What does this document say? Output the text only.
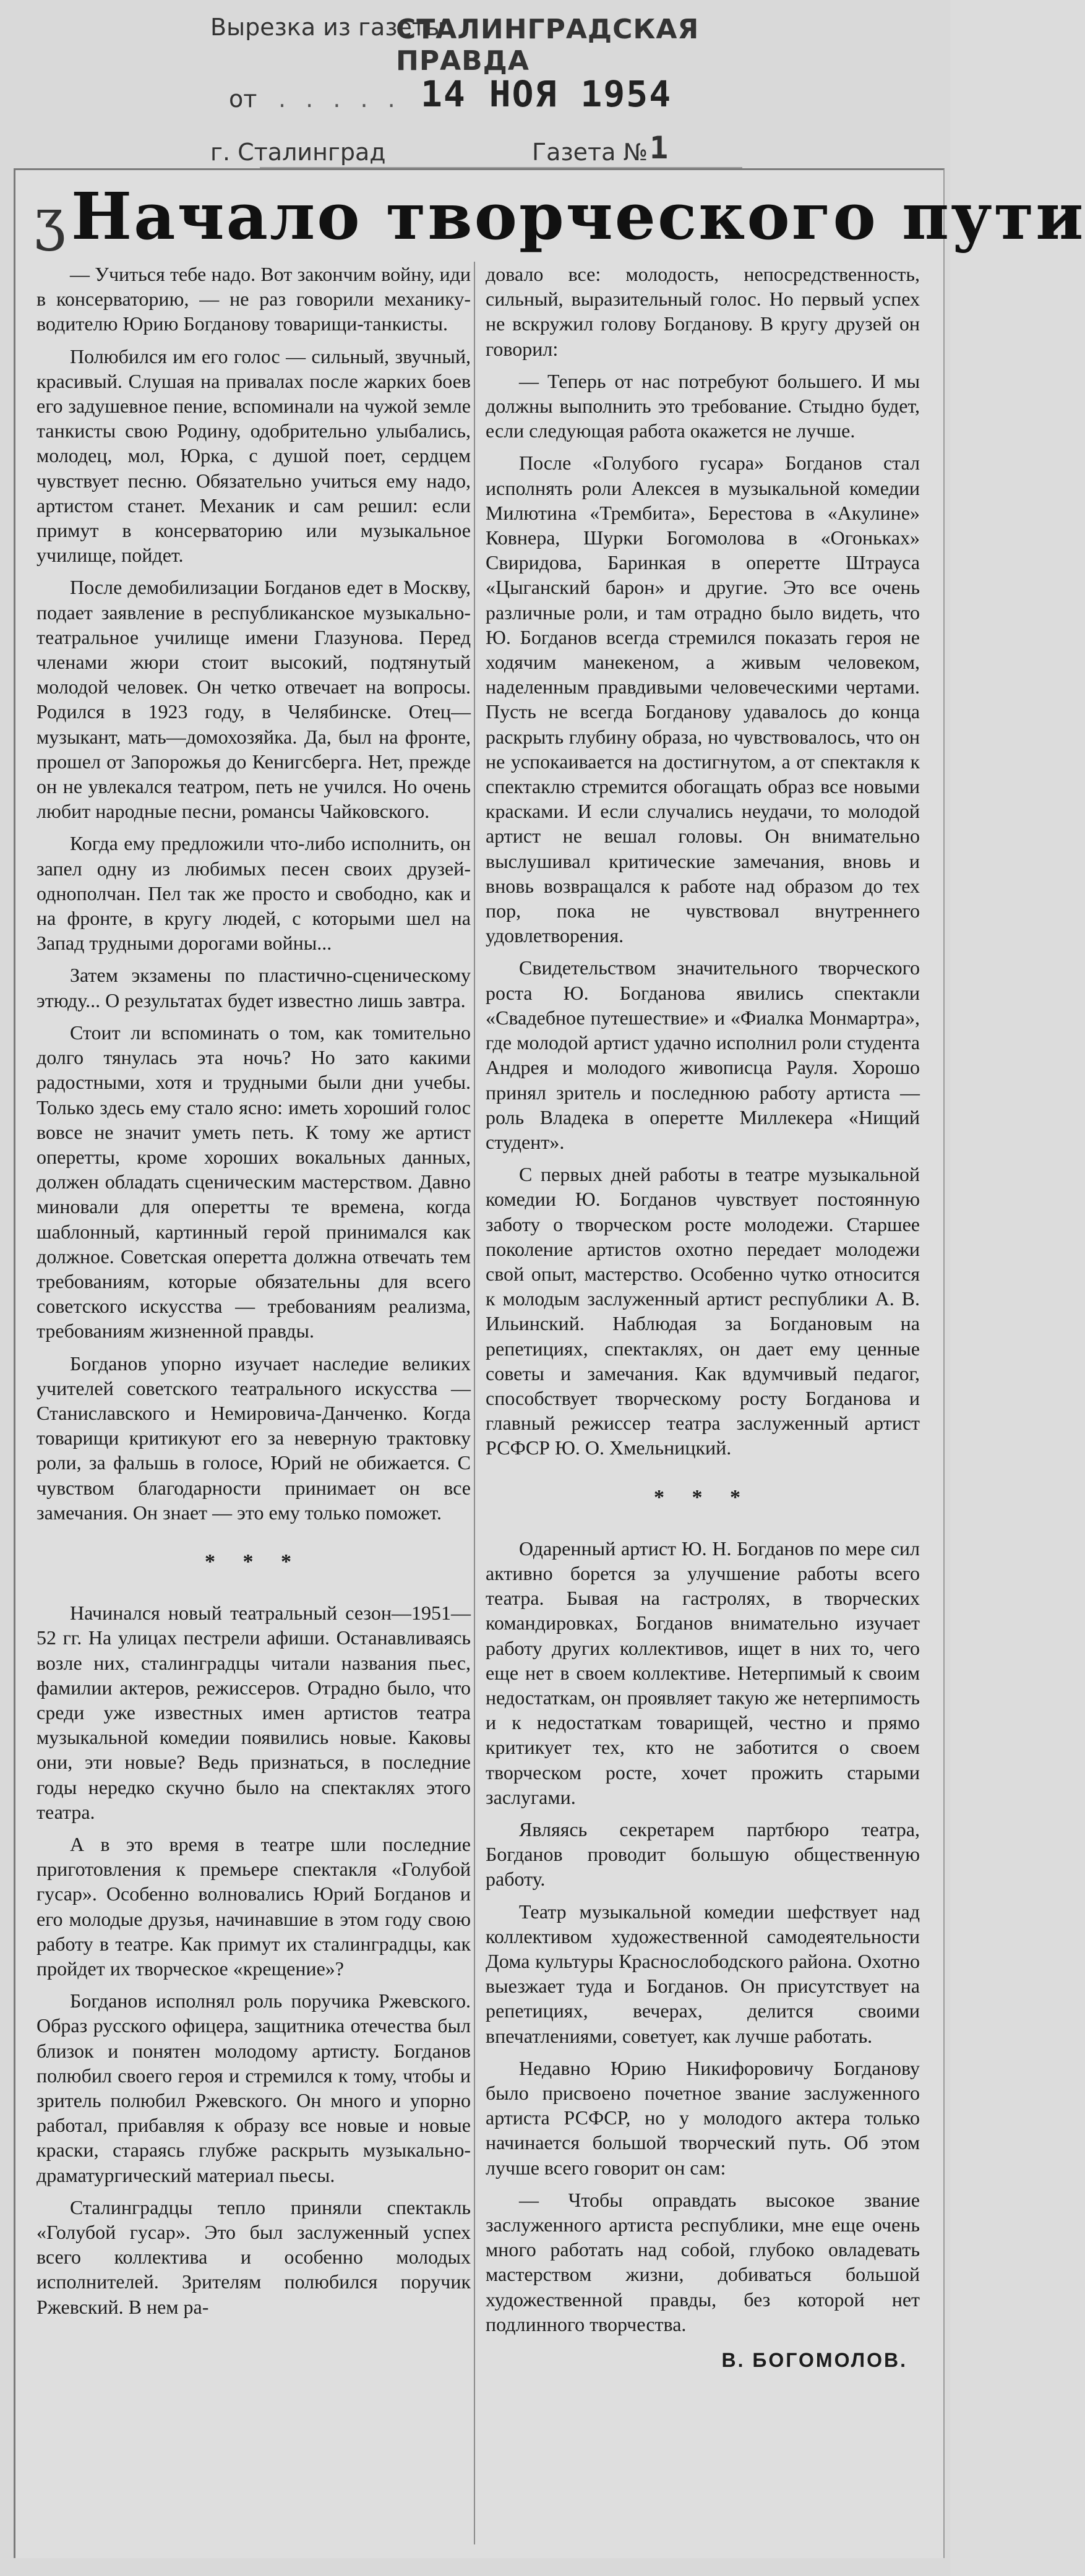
Вырезка из газеты
СТАЛИНГРАДСКАЯ ПРАВДА
от . . . . . 14 НОЯ 1954
г. Сталинград	Газета № 1
ʒНачало творческого пути

— Учиться тебе надо. Вот закончим войну, иди в консерваторию, — не раз говорили механику-водителю Юрию Богданову товарищи-танкисты.

Полюбился им его голос — сильный, звучный, красивый. Слушая на привалах после жарких боев его задушевное пение, вспоминали на чужой земле танкисты свою Родину, одобрительно улыбались, молодец, мол, Юрка, с душой поет, сердцем чувствует песню. Обязательно учиться ему надо, артистом станет. Механик и сам решил: если примут в консерваторию или музыкальное училище, пойдет.

После демобилизации Богданов едет в Москву, подает заявление в республиканское музыкально-театральное училище имени Глазунова. Перед членами жюри стоит высокий, подтянутый молодой человек. Он четко отвечает на вопросы. Родился в 1923 году, в Челябинске. Отец—музыкант, мать—домохозяйка. Да, был на фронте, прошел от Запорожья до Кенигсберга. Нет, прежде он не увлекался театром, петь не учился. Но очень любит народные песни, романсы Чайковского.

Когда ему предложили что-либо исполнить, он запел одну из любимых песен своих друзей-однополчан. Пел так же просто и свободно, как и на фронте, в кругу людей, с которыми шел на Запад трудными дорогами войны...

Затем экзамены по пластично-сценическому этюду... О результатах будет известно лишь завтра.

Стоит ли вспоминать о том, как томительно долго тянулась эта ночь? Но зато какими радостными, хотя и трудными были дни учебы. Только здесь ему стало ясно: иметь хороший голос вовсе не значит уметь петь. К тому же артист оперетты, кроме хороших вокальных данных, должен обладать сценическим мастерством. Давно миновали для оперетты те времена, когда шаблонный, картинный герой принимался как должное. Советская оперетта должна отвечать тем требованиям, которые обязательны для всего советского искусства — требованиям реализма, требованиям жизненной правды.

Богданов упорно изучает наследие великих учителей советского театрального искусства — Станиславского и Немировича-Данченко. Когда товарищи критикуют его за неверную трактовку роли, за фальшь в голосе, Юрий не обижается. С чувством благодарности принимает он все замечания. Он знает — это ему только поможет.

* * *

Начинался новый театральный сезон—1951—52 гг. На улицах пестрели афиши. Останавливаясь возле них, сталинградцы читали названия пьес, фамилии актеров, режиссеров. Отрадно было, что среди уже известных имен артистов театра музыкальной комедии появились новые. Каковы они, эти новые? Ведь признаться, в последние годы нередко скучно было на спектаклях этого театра.

А в это время в театре шли последние приготовления к премьере спектакля «Голубой гусар». Особенно волновались Юрий Богданов и его молодые друзья, начинавшие в этом году свою работу в театре. Как примут их сталинградцы, как пройдет их творческое «крещение»?

Богданов исполнял роль поручика Ржевского. Образ русского офицера, защитника отечества был близок и понятен молодому артисту. Богданов полюбил своего героя и стремился к тому, чтобы и зритель полюбил Ржевского. Он много и упорно работал, прибавляя к образу все новые и новые краски, стараясь глубже раскрыть музыкально-драматургический материал пьесы.

Сталинградцы тепло приняли спектакль «Голубой гусар». Это был заслуженный успех всего коллектива и особенно молодых исполнителей. Зрителям полюбился поручик Ржевский. В нем ра-

довало все: молодость, непосредственность, сильный, выразительный голос. Но первый успех не вскружил голову Богданову. В кругу друзей он говорил:

— Теперь от нас потребуют большего. И мы должны выполнить это требование. Стыдно будет, если следующая работа окажется не лучше.

После «Голубого гусара» Богданов стал исполнять роли Алексея в музыкальной комедии Милютина «Трембита», Берестова в «Акулине» Ковнера, Шурки Богомолова в «Огоньках» Свиридова, Баринкая в оперетте Штрауса «Цыганский барон» и другие. Это все очень различные роли, и там отрадно было видеть, что Ю. Богданов всегда стремился показать героя не ходячим манекеном, а живым человеком, наделенным правдивыми человеческими чертами. Пусть не всегда Богданову удавалось до конца раскрыть глубину образа, но чувствовалось, что он не успокаивается на достигнутом, а от спектакля к спектаклю стремится обогащать образ все новыми красками. И если случались неудачи, то молодой артист не вешал головы. Он внимательно выслушивал критические замечания, вновь и вновь возвращался к работе над образом до тех пор, пока не чувствовал внутреннего удовлетворения.

Свидетельством значительного творческого роста Ю. Богданова явились спектакли «Свадебное путешествие» и «Фиалка Монмартра», где молодой артист удачно исполнил роли студента Андрея и молодого живописца Рауля. Хорошо принял зритель и последнюю работу артиста — роль Владека в оперетте Миллекера «Нищий студент».

С первых дней работы в театре музыкальной комедии Ю. Богданов чувствует постоянную заботу о творческом росте молодежи. Старшее поколение артистов охотно передает молодежи свой опыт, мастерство. Особенно чутко относится к молодым заслуженный артист республики А. В. Ильинский. Наблюдая за Богдановым на репетициях, спектаклях, он дает ему ценные советы и замечания. Как вдумчивый педагог, способствует творческому росту Богданова и главный режиссер театра заслуженный артист РСФСР Ю. О. Хмельницкий.

* * *

Одаренный артист Ю. Н. Богданов по мере сил активно борется за улучшение работы всего театра. Бывая на гастролях, в творческих командировках, Богданов внимательно изучает работу других коллективов, ищет в них то, чего еще нет в своем коллективе. Нетерпимый к своим недостаткам, он проявляет такую же нетерпимость и к недостаткам товарищей, честно и прямо критикует тех, кто не заботится о своем творческом росте, хочет прожить старыми заслугами.

Являясь секретарем партбюро театра, Богданов проводит большую общественную работу.

Театр музыкальной комедии шефствует над коллективом художественной самодеятельности Дома культуры Краснослободского района. Охотно выезжает туда и Богданов. Он присутствует на репетициях, вечерах, делится своими впечатлениями, советует, как лучше работать.

Недавно Юрию Никифоровичу Богданову было присвоено почетное звание заслуженного артиста РСФСР, но у молодого актера только начинается большой творческий путь. Об этом лучше всего говорит он сам:

— Чтобы оправдать высокое звание заслуженного артиста республики, мне еще очень много работать над собой, глубоко овладевать мастерством жизни, добиваться большой художественной правды, без которой нет подлинного творчества.

В. БОГОМОЛОВ.
